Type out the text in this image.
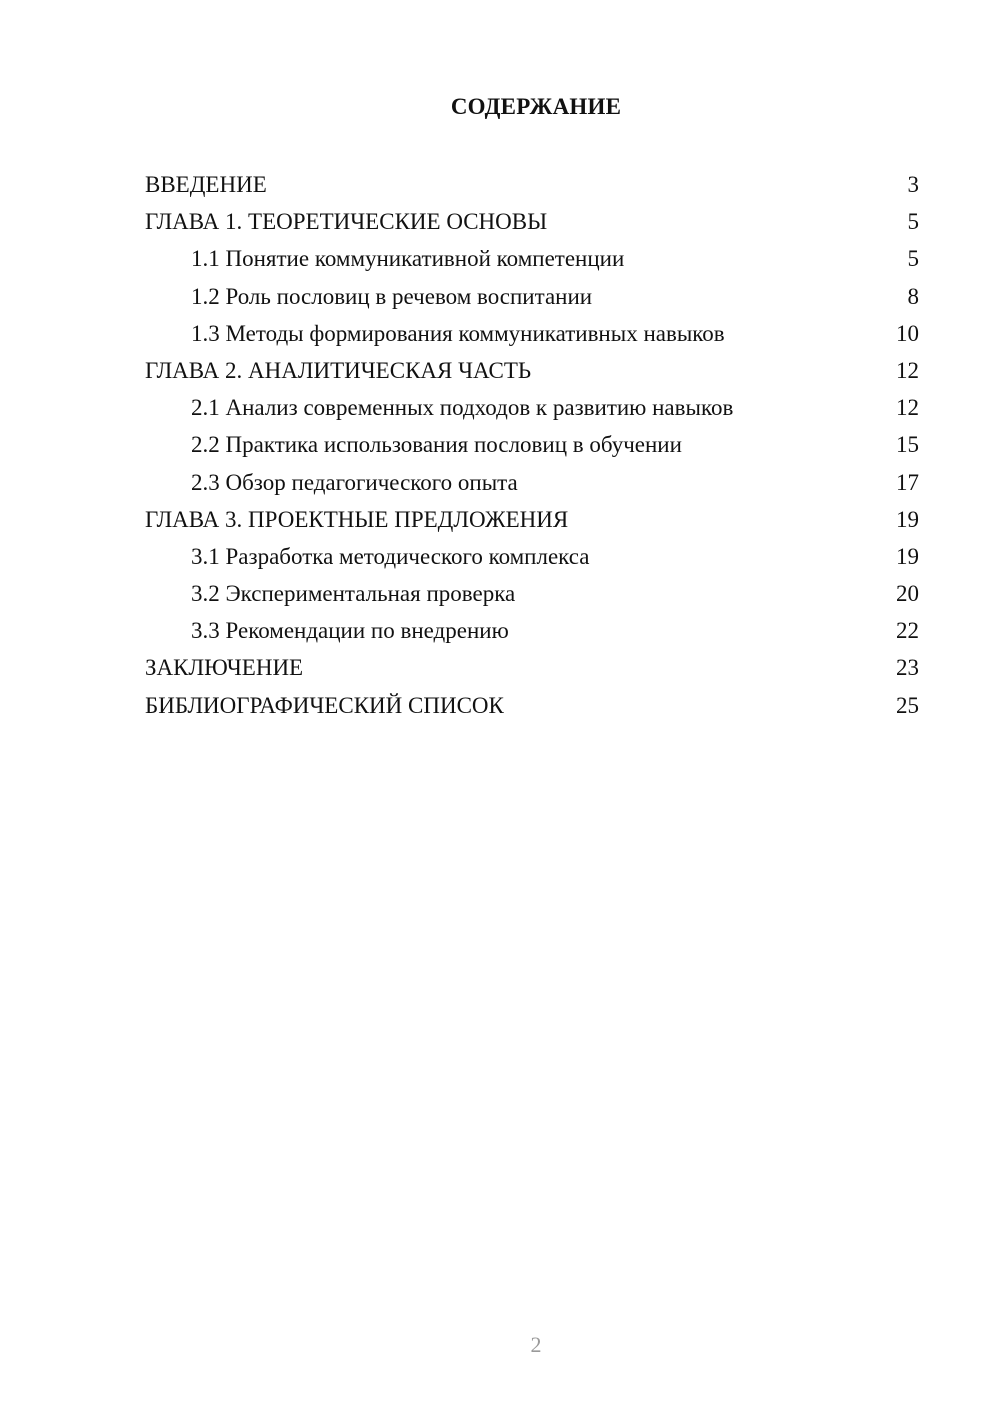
СОДЕРЖАНИЕ
ВВЕДЕНИЕ	3
ГЛАВА 1. ТЕОРЕТИЧЕСКИЕ ОСНОВЫ	5
1.1 Понятие коммуникативной компетенции	5
1.2 Роль пословиц в речевом воспитании	8
1.3 Методы формирования коммуникативных навыков	10
ГЛАВА 2. АНАЛИТИЧЕСКАЯ ЧАСТЬ	12
2.1 Анализ современных подходов к развитию навыков	12
2.2 Практика использования пословиц в обучении	15
2.3 Обзор педагогического опыта	17
ГЛАВА 3. ПРОЕКТНЫЕ ПРЕДЛОЖЕНИЯ	19
3.1 Разработка методического комплекса	19
3.2 Экспериментальная проверка	20
3.3 Рекомендации по внедрению	22
ЗАКЛЮЧЕНИЕ	23
БИБЛИОГРАФИЧЕСКИЙ СПИСОК	25
2
